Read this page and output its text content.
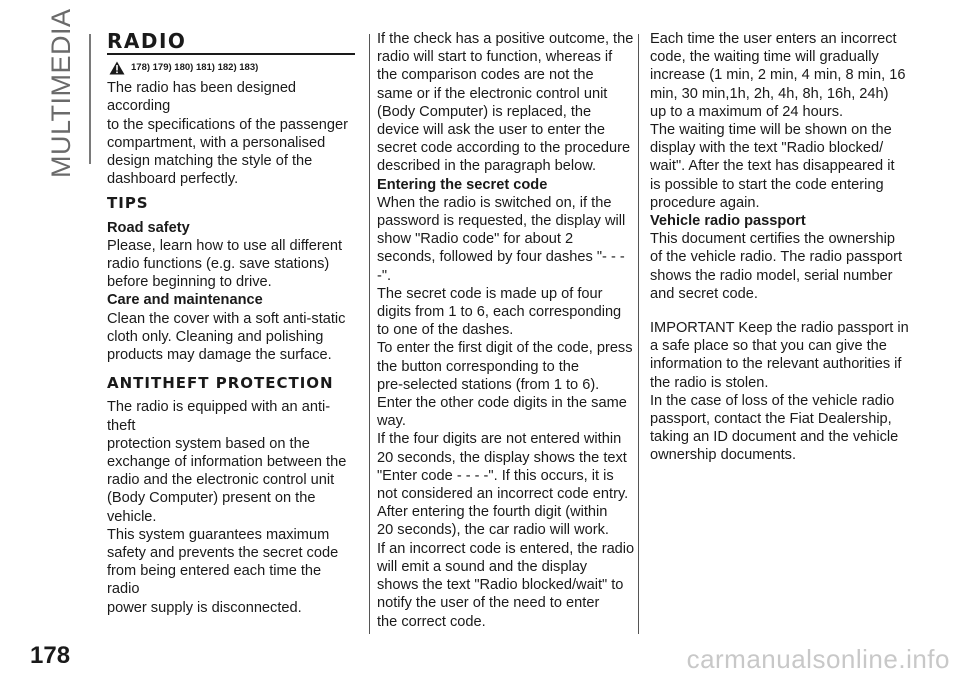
MULTIMEDIA RADIO
178) 179) 180) 181) 182) 183)

The radio has been designed according

to the specifications of the passenger

compartment, with a personalised

design matching the style of the

dashboard perfectly.

TIPS

Road safety

Please, learn how to use all different

radio functions (e.g. save stations)

before beginning to drive.

Care and maintenance

Clean the cover with a soft anti-static

cloth only. Cleaning and polishing

products may damage the surface.

ANTITHEFT PROTECTION

The radio is equipped with an anti-theft

protection system based on the

exchange of information between the

radio and the electronic control unit

(Body Computer) present on the

vehicle.

This system guarantees maximum

safety and prevents the secret code

from being entered each time the radio

power supply is disconnected.

If the check has a positive outcome, the

radio will start to function, whereas if

the comparison codes are not the

same or if the electronic control unit

(Body Computer) is replaced, the

device will ask the user to enter the

secret code according to the procedure

described in the paragraph below.

Entering the secret code

When the radio is switched on, if the

password is requested, the display will

show "Radio code" for about 2

seconds, followed by four dashes "- - -

-".

The secret code is made up of four

digits from 1 to 6, each corresponding

to one of the dashes.

To enter the first digit of the code, press

the button corresponding to the

pre-selected stations (from 1 to 6).

Enter the other code digits in the same

way.

If the four digits are not entered within

20 seconds, the display shows the text

"Enter code - - - -". If this occurs, it is

not considered an incorrect code entry.

After entering the fourth digit (within

20 seconds), the car radio will work.

If an incorrect code is entered, the radio

will emit a sound and the display

shows the text "Radio blocked/wait" to

notify the user of the need to enter

the correct code.

Each time the user enters an incorrect

code, the waiting time will gradually

increase (1 min, 2 min, 4 min, 8 min, 16

min, 30 min,1h, 2h, 4h, 8h, 16h, 24h)

up to a maximum of 24 hours.

The waiting time will be shown on the

display with the text "Radio blocked/

wait". After the text has disappeared it

is possible to start the code entering

procedure again.

Vehicle radio passport

This document certifies the ownership

of the vehicle radio. The radio passport

shows the radio model, serial number

and secret code.

IMPORTANT Keep the radio passport in

a safe place so that you can give the

information to the relevant authorities if

the radio is stolen.

In the case of loss of the vehicle radio

passport, contact the Fiat Dealership,

taking an ID document and the vehicle

ownership documents.

178	carmanualsonline.info
